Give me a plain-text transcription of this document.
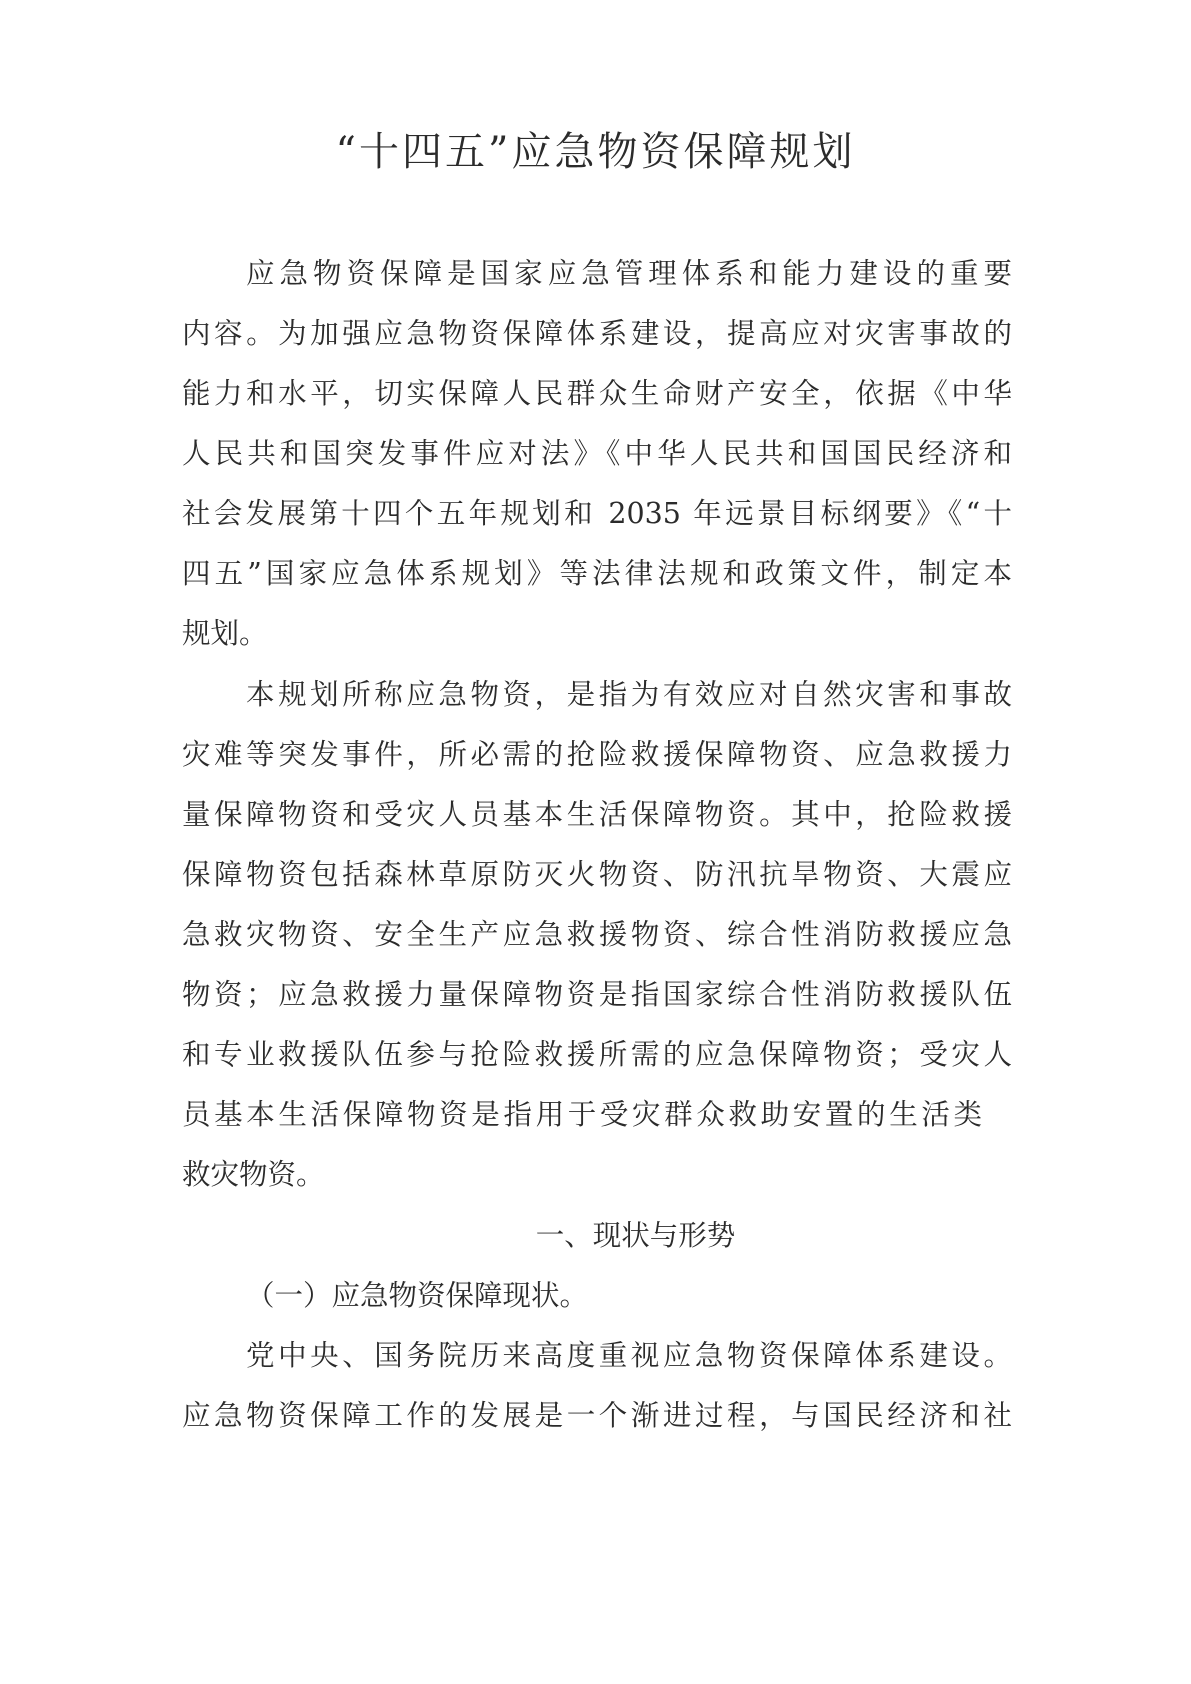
“十四五”应急物资保障规划

应急物资保障是国家应急管理体系和能力建设的重要

内容。为加强应急物资保障体系建设，提高应对灾害事故的

能力和水平，切实保障人民群众生命财产安全，依据《中华

人民共和国突发事件应对法》《中华人民共和国国民经济和

社会发展第十四个五年规划和 2035 年远景目标纲要》《“十

四五”国家应急体系规划》等法律法规和政策文件，制定本

规划。

本规划所称应急物资，是指为有效应对自然灾害和事故

灾难等突发事件，所必需的抢险救援保障物资、应急救援力

量保障物资和受灾人员基本生活保障物资。其中，抢险救援

保障物资包括森林草原防灭火物资、防汛抗旱物资、大震应

急救灾物资、安全生产应急救援物资、综合性消防救援应急

物资；应急救援力量保障物资是指国家综合性消防救援队伍

和专业救援队伍参与抢险救援所需的应急保障物资；受灾人

员基本生活保障物资是指用于受灾群众救助安置的生活类

救灾物资。

一、现状与形势

（一）应急物资保障现状。

党中央、国务院历来高度重视应急物资保障体系建设。

应急物资保障工作的发展是一个渐进过程，与国民经济和社
